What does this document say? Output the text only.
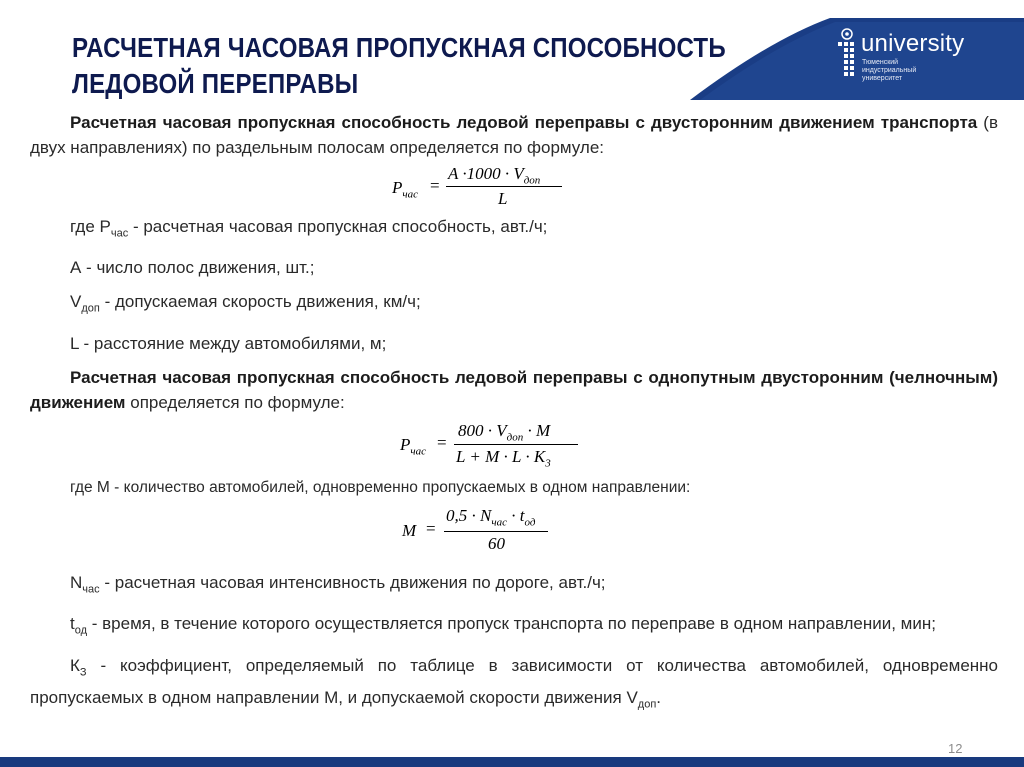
university
Тюменский
индустриальный
университет
РАСЧЕТНАЯ ЧАСОВАЯ ПРОПУСКНАЯ СПОСОБНОСТЬ
ЛЕДОВОЙ ПЕРЕПРАВЫ

Расчетная часовая пропускная способность ледовой переправы с двусторонним движением транспорта (в двух направлениях) по раздельным полосам определяется по формуле:

$P_{час}$ =
$A \cdot 1000 \cdot V_{доп}$
L

где $Р_{час}$ - расчетная часовая пропускная способность, авт./ч;

А - число полос движения, шт.;

$V_{доп}$ - допускаемая скорость движения, км/ч;

L - расстояние между автомобилями, м;

Расчетная часовая пропускная способность ледовой переправы с однопутным двусторонним (челночным) движением определяется по формуле:

$P_{час}$ =
$800 \cdot V_{доп} \cdot M$
$L + M \cdot L \cdot K_3$

где М - количество автомобилей, одновременно пропускаемых в одном направлении:

M =
$0,5 \cdot N_{час} \cdot t_{од}$
60

$N_{час}$ - расчетная часовая интенсивность движения по дороге, авт./ч;

$t_{од}$ - время, в течение которого осуществляется пропуск транспорта по переправе в одном направлении, мин;

$К_З$ - коэффициент, определяемый по таблице в зависимости от количества автомобилей, одновременно пропускаемых в одном направлении М, и допускаемой скорости движения $V_{доп}$.

12
